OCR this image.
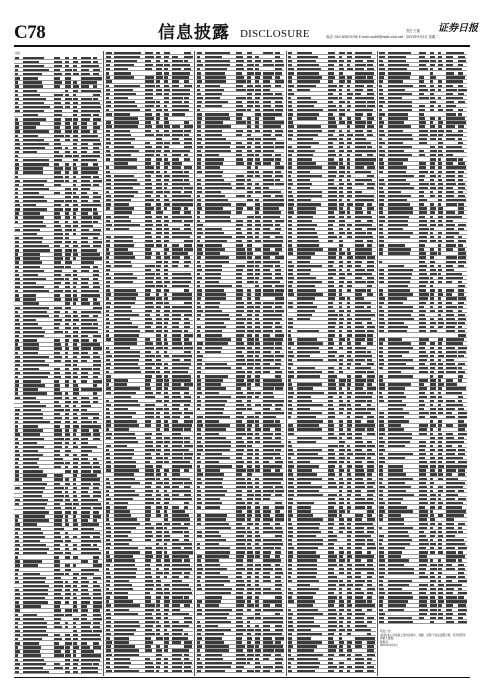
C78	信息披露 DISCLOSURE	电话: 010-63070790 E-mail:zqrb9@zqrb.sina.net
责任 王惠
2023年9月5日 星期二
证券日报
(续)

特此公告。

(续表)本公司承诺上述内容真实、准确、完整,不存在虚假记载、误导性陈述或重大遗漏。

董事会

2023年9月5日
